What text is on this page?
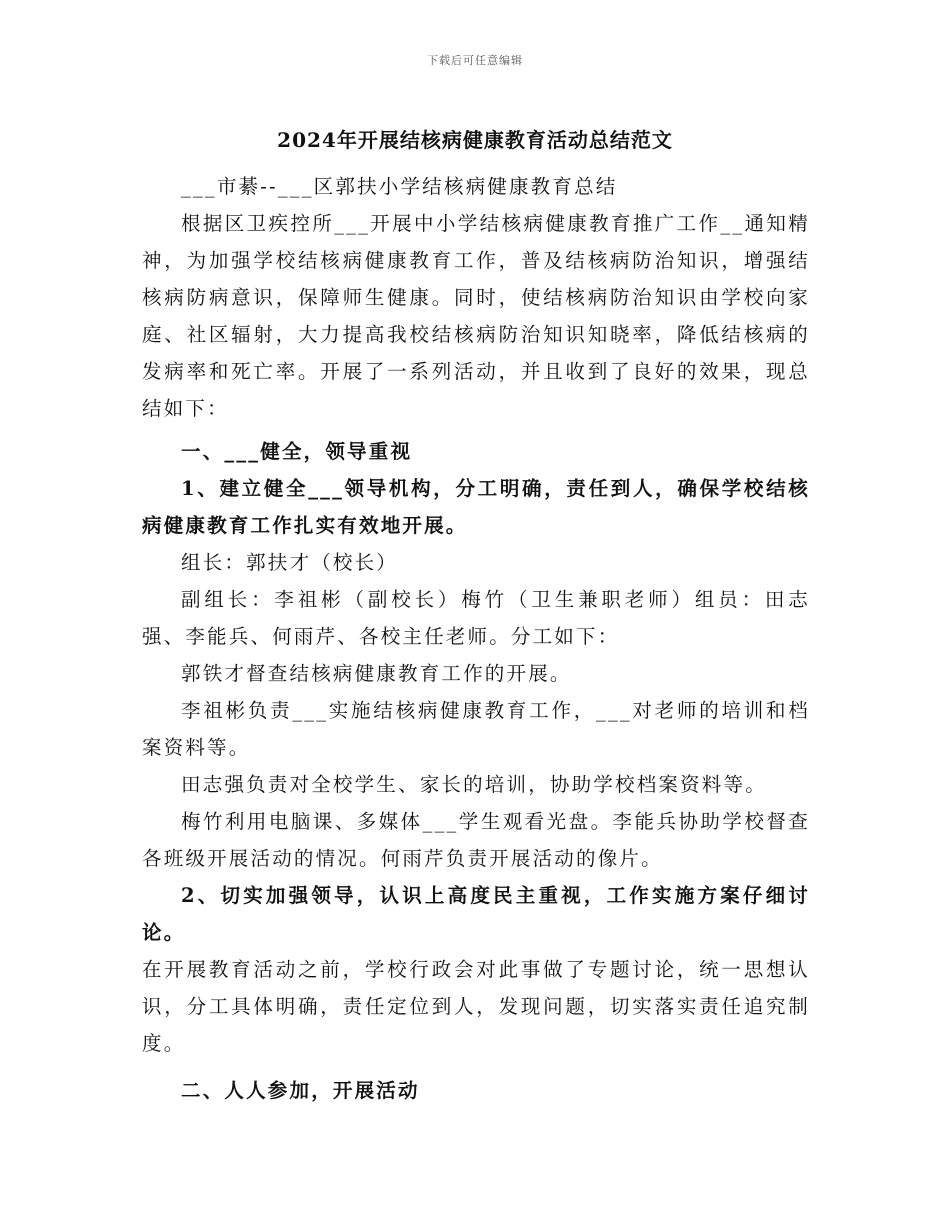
下载后可任意编辑
2024年开展结核病健康教育活动总结范文

___市綦--___区郭扶小学结核病健康教育总结

根据区卫疾控所___开展中小学结核病健康教育推广工作__通知精神，为加强学校结核病健康教育工作，普及结核病防治知识，增强结核病防病意识，保障师生健康。同时，使结核病防治知识由学校向家庭、社区辐射，大力提高我校结核病防治知识知晓率，降低结核病的发病率和死亡率。开展了一系列活动，并且收到了良好的效果，现总结如下：

一、___健全，领导重视

1、建立健全___领导机构，分工明确，责任到人，确保学校结核病健康教育工作扎实有效地开展。

组长：郭扶才（校长）

副组长：李祖彬（副校长）梅竹（卫生兼职老师）组员：田志强、李能兵、何雨芹、各校主任老师。分工如下：

郭铁才督查结核病健康教育工作的开展。

李祖彬负责___实施结核病健康教育工作，___对老师的培训和档案资料等。

田志强负责对全校学生、家长的培训，协助学校档案资料等。

梅竹利用电脑课、多媒体___学生观看光盘。李能兵协助学校督查各班级开展活动的情况。何雨芹负责开展活动的像片。

2、切实加强领导，认识上高度民主重视，工作实施方案仔细讨论。

在开展教育活动之前，学校行政会对此事做了专题讨论，统一思想认识，分工具体明确，责任定位到人，发现问题，切实落实责任追究制度。

二、人人参加，开展活动
